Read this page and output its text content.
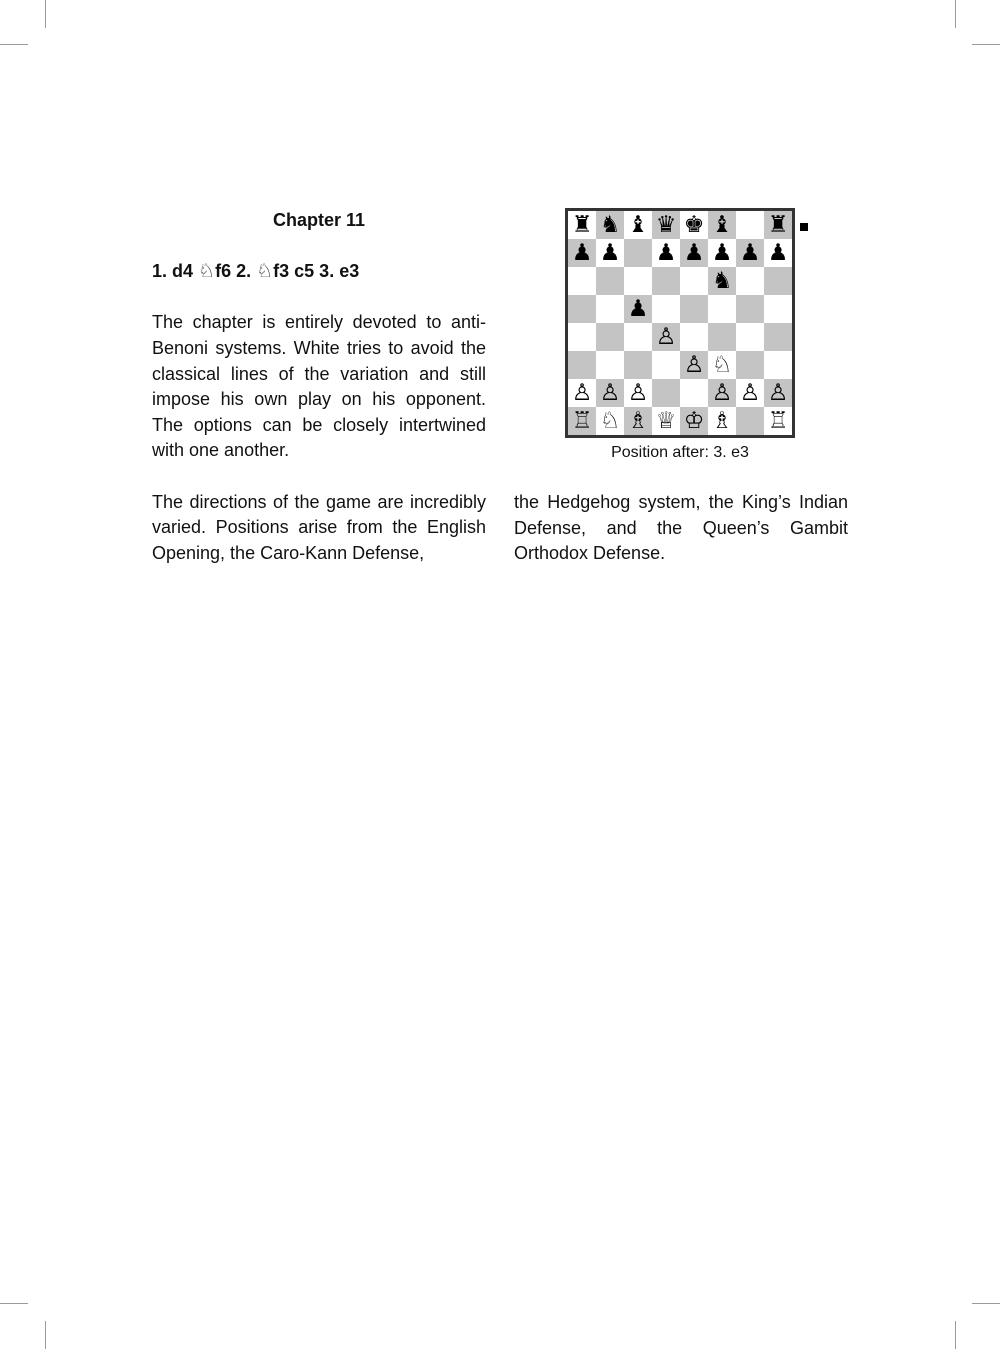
Chapter 11
1. d4 ♘f6 2. ♘f3 c5 3. e3

The chapter is entirely devoted to anti-Benoni systems. White tries to avoid the classical lines of the variation and still impose his own play on his opponent. The options can be closely intertwined with one another.

The directions of the game are incredibly varied. Positions arise from the English Opening, the Caro-Kann Defense,

♜ ♞ ♝ ♛ ♚ ♝ ♜
♟ ♟ ♟ ♟ ♟ ♟ ♟
♞
♟
♙
♙ ♘
♙ ♙ ♙	♙ ♙ ♙
♖ ♘ ♗ ♕ ♔ ♗ ♖
Position after: 3. e3

the Hedgehog system, the King’s Indian Defense, and the Queen’s Gambit Orthodox Defense.
